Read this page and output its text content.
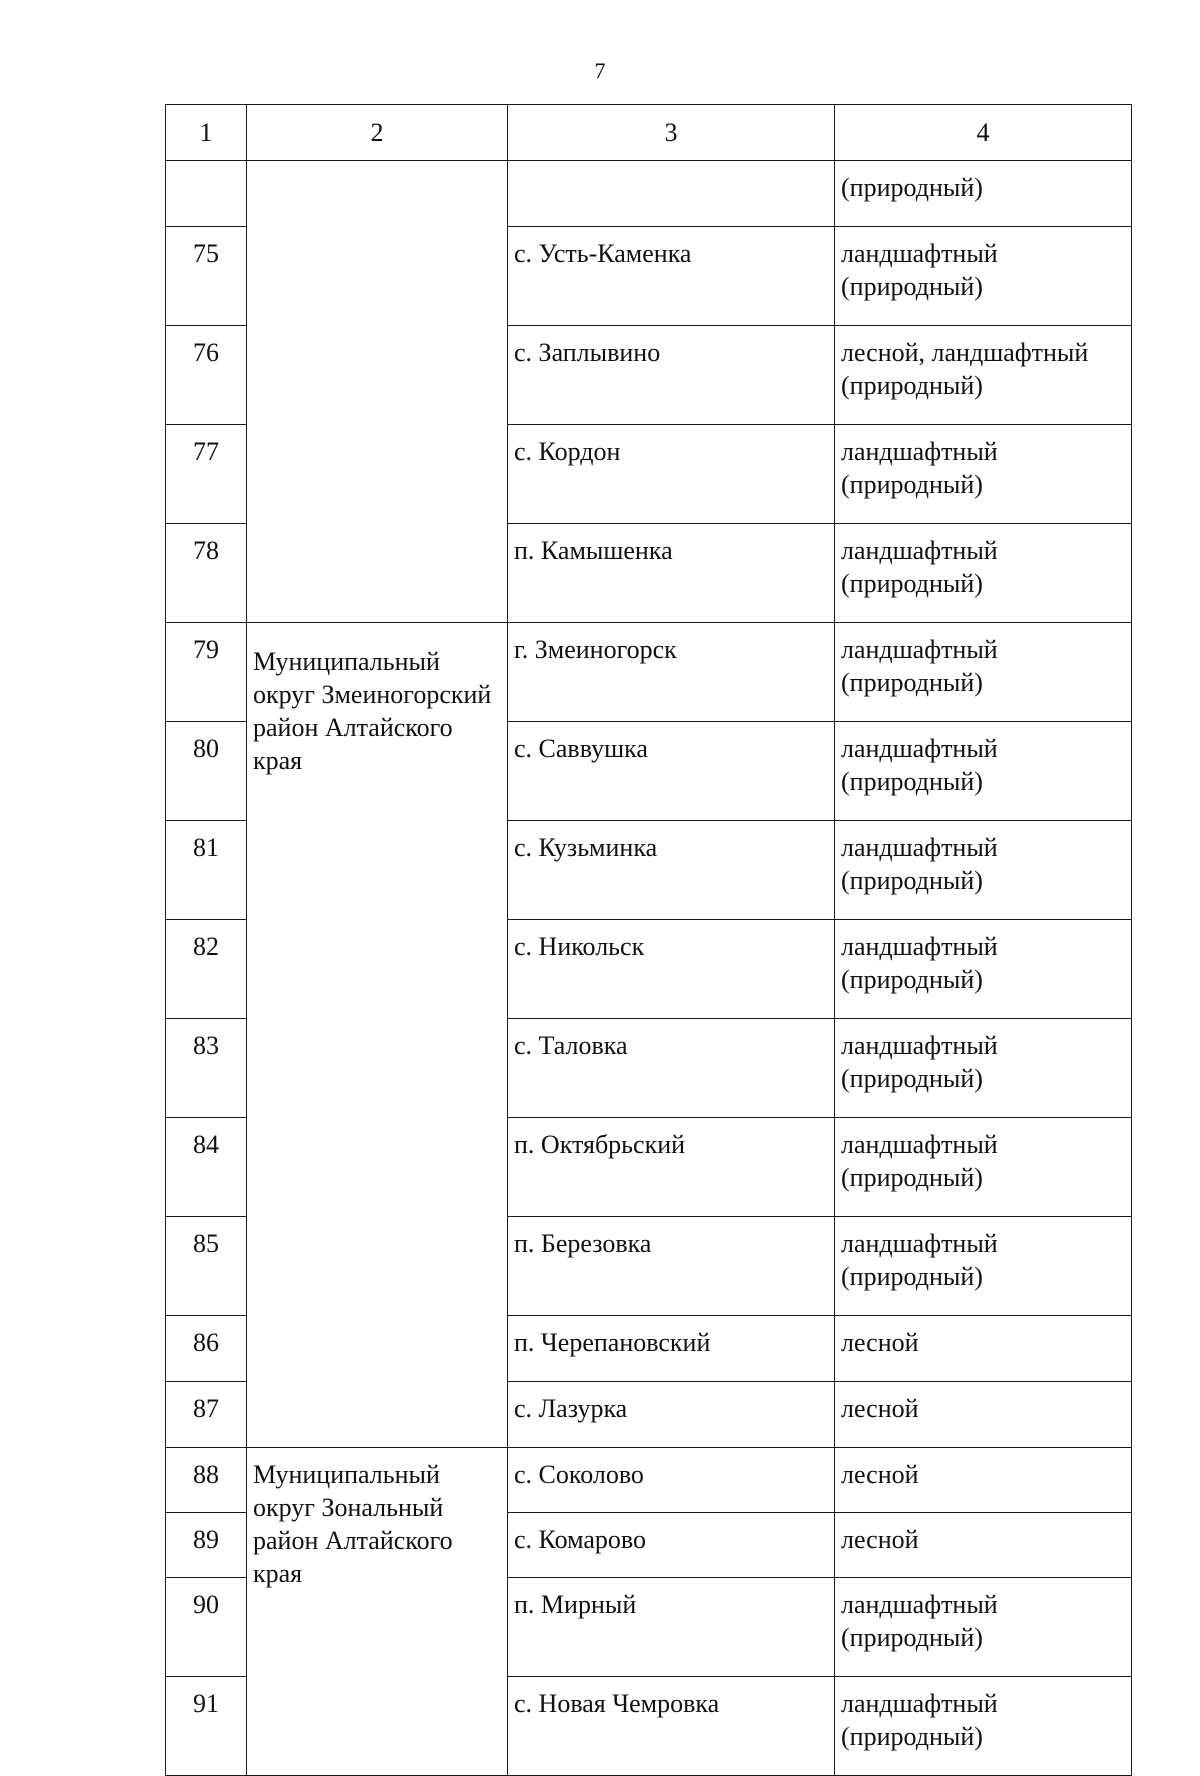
7
1	2	3	4
			(природный)
75		с. Усть-Каменка	ландшафтный (природный)
76		с. Заплывино	лесной, ландшафтный (природный)
77		с. Кордон	ландшафтный (природный)
78		п. Камышенка	ландшафтный (природный)
79	Муниципальный округ Змеиногорский район Алтайского края	г. Змеиногорск	ландшафтный (природный)
80		с. Саввушка	ландшафтный (природный)
81		с. Кузьминка	ландшафтный (природный)
82		с. Никольск	ландшафтный (природный)
83		с. Таловка	ландшафтный (природный)
84		п. Октябрьский	ландшафтный (природный)
85		п. Березовка	ландшафтный (природный)
86		п. Черепановский	лесной
87		с. Лазурка	лесной
88	Муниципальный округ Зональный район Алтайского края	с. Соколово	лесной
89		с. Комарово	лесной
90		п. Мирный	ландшафтный (природный)
91		с. Новая Чемровка	ландшафтный (природный)
